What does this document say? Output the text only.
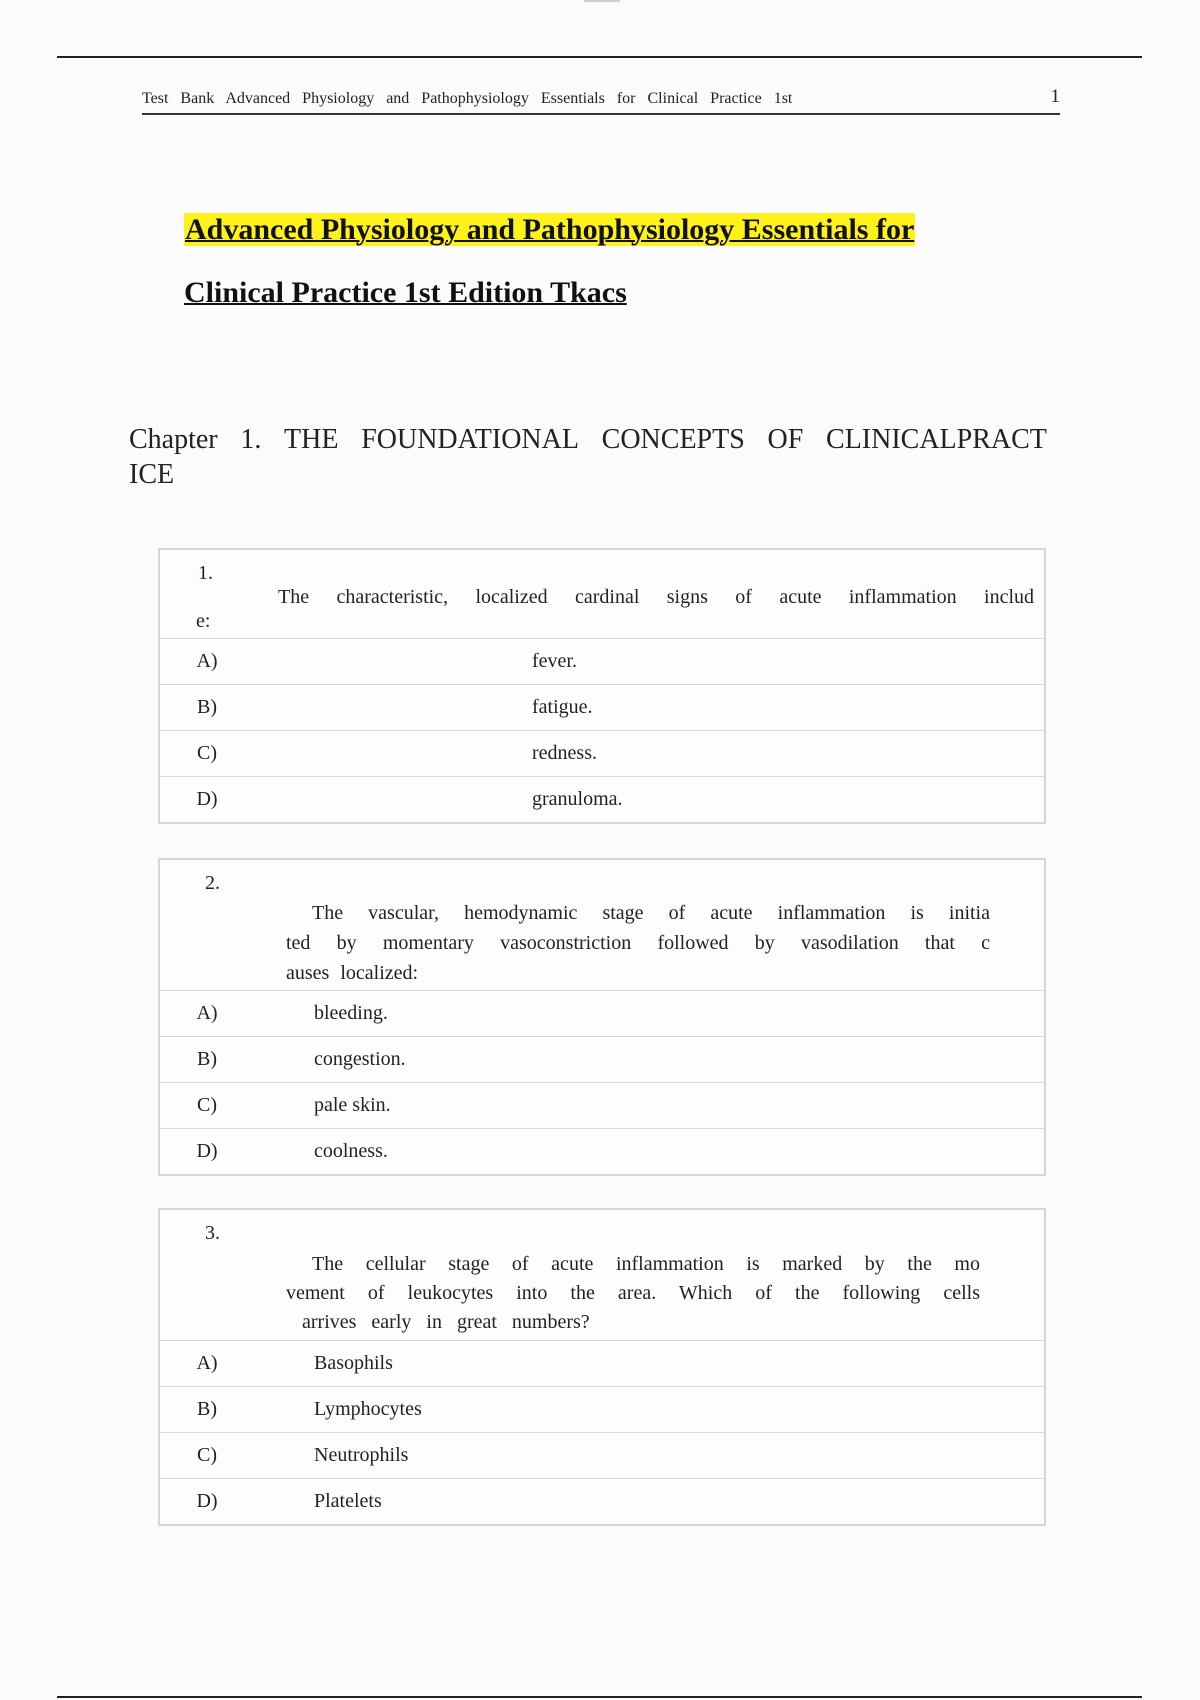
Test Bank Advanced Physiology and Pathophysiology Essentials for Clinical Practice 1st	1
Advanced Physiology and Pathophysiology Essentials for
Clinical Practice 1st Edition Tkacs
Chapter 1. THE FOUNDATIONAL CONCEPTS OF CLINICALPRACT
ICE
1.
The characteristic, localized cardinal signs of acute inflammation includ
e:	

A)	fever.
B)	fatigue.
C)	redness.
D)	granuloma.
2.
The vascular, hemodynamic stage of acute inflammation is initia
ted by momentary vasoconstriction followed by vasodilation that c
auses localized:	

A)	bleeding.
B)	congestion.
C)	pale skin.
D)	coolness.
3.
The cellular stage of acute inflammation is marked by the mo
vement of leukocytes into the area. Which of the following cells
arrives early in great numbers?	

A)	Basophils
B)	Lymphocytes
C)	Neutrophils
D)	Platelets
